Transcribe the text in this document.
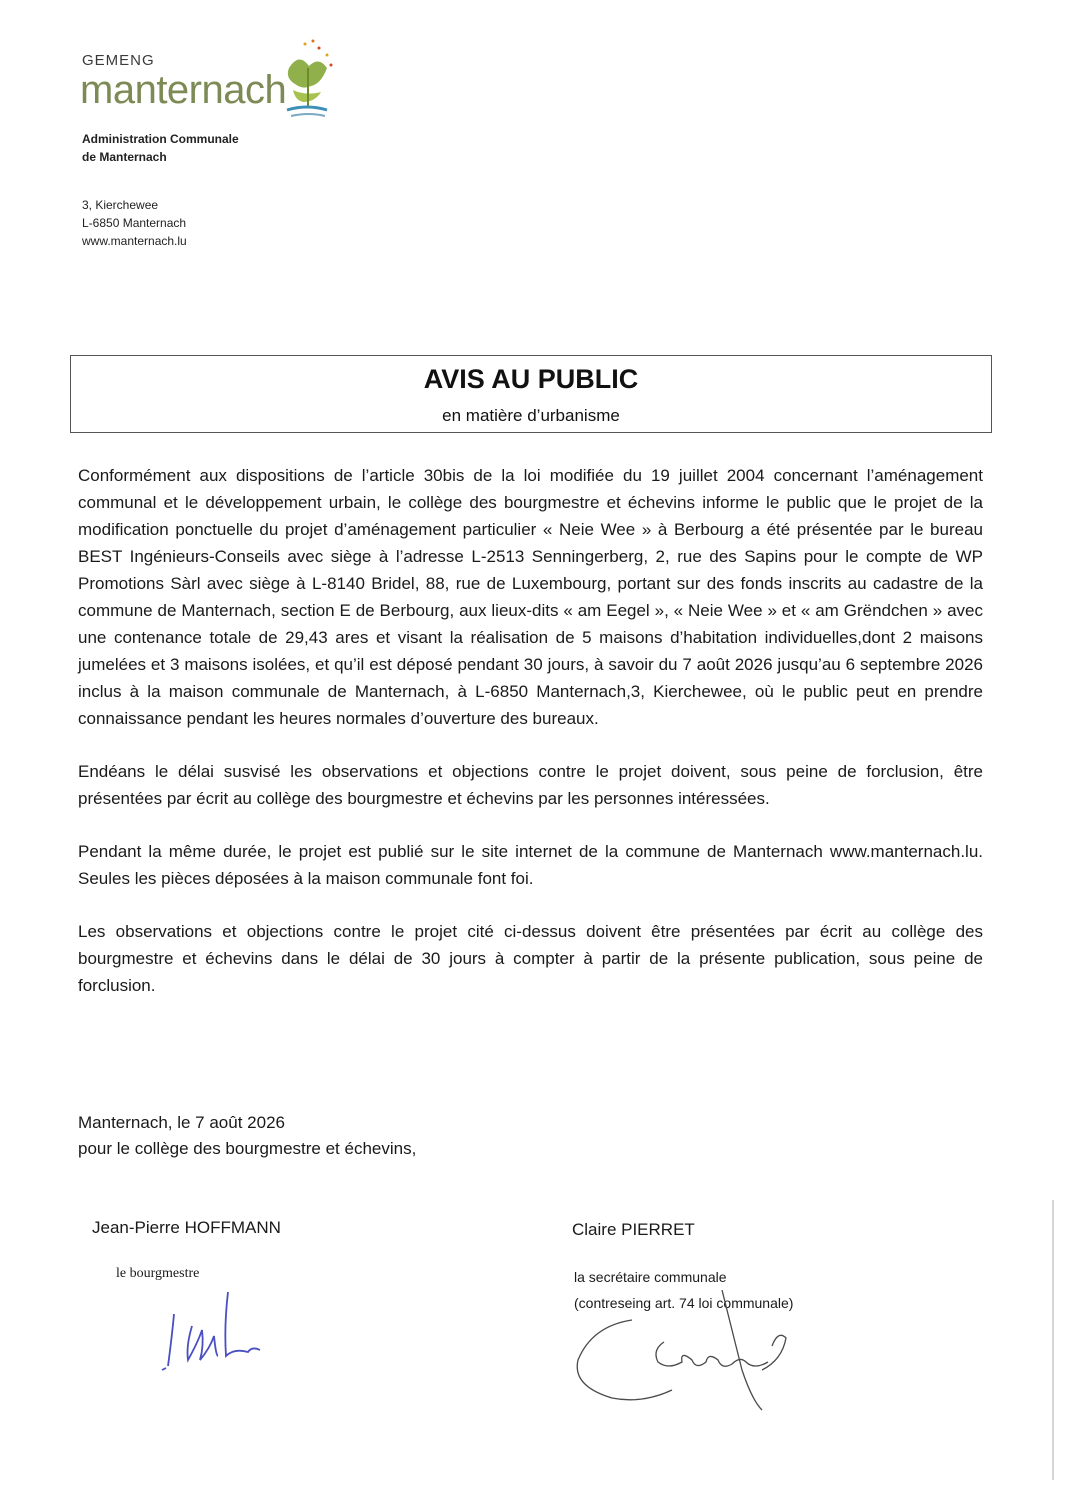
GEMENG
manternach
Administration Communale
de Manternach
3, Kierchewee
L-6850 Manternach
www.manternach.lu
AVIS AU PUBLIC
en matière d’urbanisme

Conformément aux dispositions de l’article 30bis de la loi modifiée du 19 juillet 2004 concernant l’aménagement communal et le développement urbain, le collège des bourgmestre et échevins informe le public que le projet de la modification ponctuelle du projet d’aménagement particulier « Neie Wee » à Berbourg a été présentée par le bureau BEST Ingénieurs-Conseils avec siège à l’adresse L-2513 Senningerberg, 2, rue des Sapins pour le compte de WP Promotions Sàrl avec siège à L-8140 Bridel, 88, rue de Luxembourg, portant sur des fonds inscrits au cadastre de la commune de Manternach, section E de Berbourg, aux lieux-dits « am Eegel », « Neie Wee » et « am Grëndchen » avec une contenance totale de 29,43 ares et visant la réalisation de 5 maisons d’habitation individuelles,dont 2 maisons jumelées et 3 maisons isolées, et qu’il est déposé pendant 30 jours, à savoir du 7 août 2026 jusqu’au 6 septembre 2026 inclus à la maison communale de Manternach, à L-6850 Manternach,3, Kierchewee, où le public peut en prendre connaissance pendant les heures normales d’ouverture des bureaux.

Endéans le délai susvisé les observations et objections contre le projet doivent, sous peine de forclusion, être présentées par écrit au collège des bourgmestre et échevins par les personnes intéressées.

Pendant la même durée, le projet est publié sur le site internet de la commune de Manternach www.manternach.lu. Seules les pièces déposées à la maison communale font foi.

Les observations et objections contre le projet cité ci-dessus doivent être présentées par écrit au collège des bourgmestre et échevins dans le délai de 30 jours à compter à partir de la présente publication, sous peine de forclusion.

Manternach, le 7 août 2026
pour le collège des bourgmestre et échevins,
Jean-Pierre HOFFMANN
le bourgmestre
Claire PIERRET
la secrétaire communale
(contreseing art. 74 loi communale)
